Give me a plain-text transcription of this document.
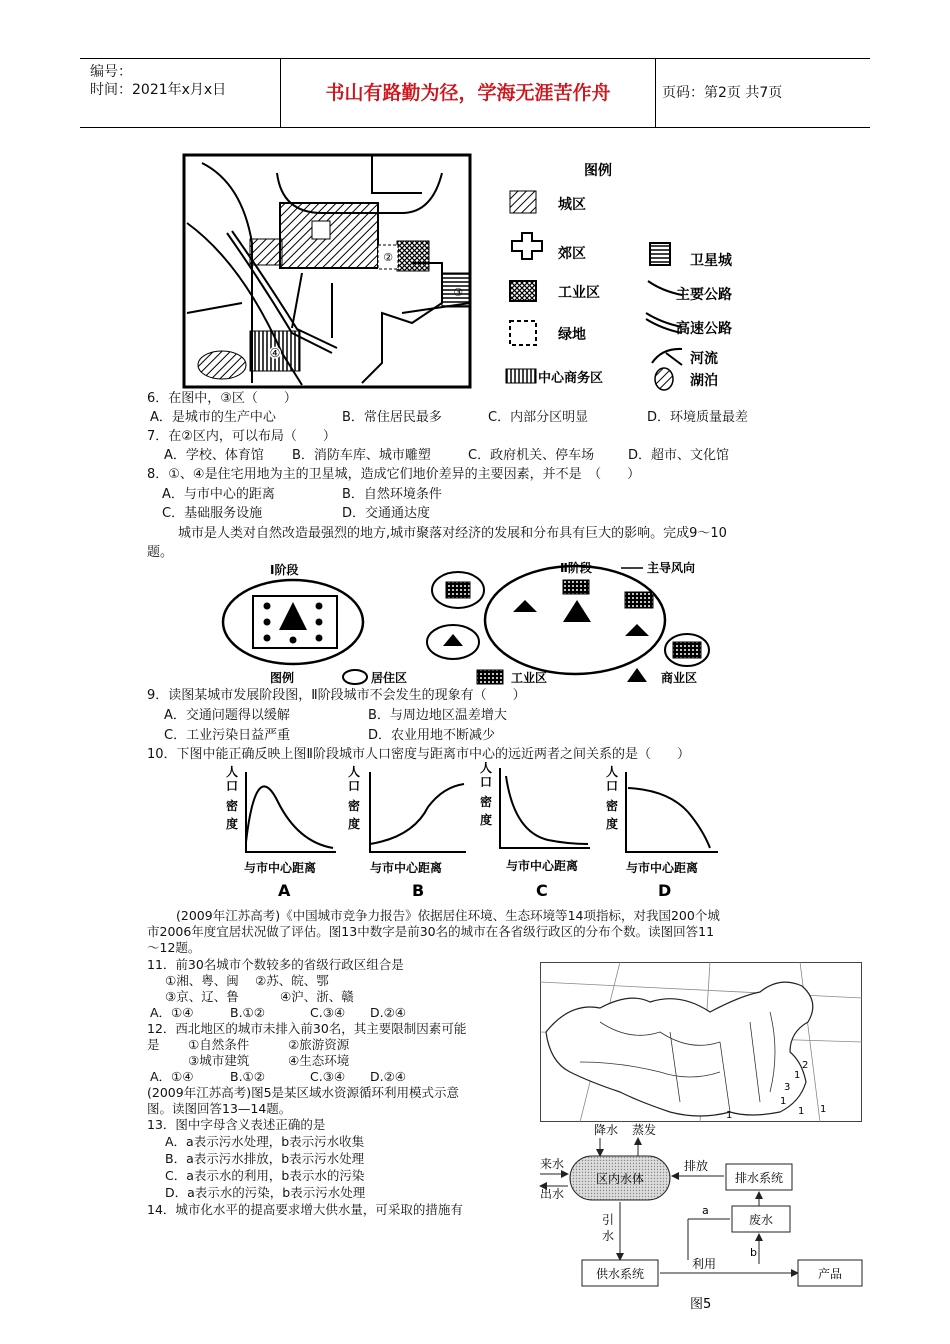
编号：
时间：2021年x月x日	书山有路勤为径，学海无涯苦作舟	页码：第2页 共7页
②
③
④
图例
城区
郊区
工业区
绿地
中心商务区
卫星城
主要公路
高速公路
河流
湖泊
6．在图中，③区（　　）
A．是城市的生产中心	B．常住居民最多	C．内部分区明显	D．环境质量最差
7．在②区内，可以布局（　　）
A．学校、体育馆 B．消防车库、城市雕塑	C．政府机关、停车场	D．超市、文化馆
8．①、④是住宅用地为主的卫星城，造成它们地价差异的主要因素，并不是　（　　）
A．与市中心的距离	B．自然环境条件
C．基础服务设施	D．交通通达度
城市是人类对自然改造最强烈的地方,城市聚落对经济的发展和分布具有巨大的影响。完成9～10
题。
Ⅰ阶段	Ⅱ阶段	主导风向
图例	居住区	工业区	商业区
9．读图某城市发展阶段图，Ⅱ阶段城市不会发生的现象有（　　）
A．交通问题得以缓解	B．与周边地区温差增大
C．工业污染日益严重	D．农业用地不断减少
10．下图中能正确反映上图Ⅱ阶段城市人口密度与距离市中心的远近两者之间关系的是（　　）
人
口
密
度
与市中心距离
A
人
口
密
度
与市中心距离
B
人
口
密
度
与市中心距离
C
人
口
密
度
与市中心距离
D
(2009年江苏高考)《中国城市竞争力报告》依据居住环境、生态环境等14项指标，对我国200个城
市2006年度宜居状况做了评估。图13中数字是前30名的城市在各省级行政区的分布个数。读图回答11
～12题。
11．前30名城市个数较多的省级行政区组合是
①湘、粤、闽 ②苏、皖、鄂
③京、辽、鲁	④沪、浙、赣
A．①④	B.①②	C.③④ D.②④
12．西北地区的城市未排入前30名，其主要限制因素可能
是 ①自然条件	②旅游资源
③城市建筑	④生态环境
A．①④	B.①②	C.③④ D.②④
(2009年江苏高考)图5是某区域水资源循环利用模式示意
图。读图回答13—14题。
13．图中字母含义表述正确的是
A．a表示污水处理，b表示污水收集
B．a表示污水排放，b表示污水处理
C．a表示水的利用，b表示水的污染
D．a表示水的污染，b表示污水处理
14．城市化水平的提高要求增大供水量，可采取的措施有
2
1
3
1
1 1
1
降水 蒸发
来水
出水
区内水体
排放
排水系统
废水
a
b
引
水
供水系统
利用
产品
图5
